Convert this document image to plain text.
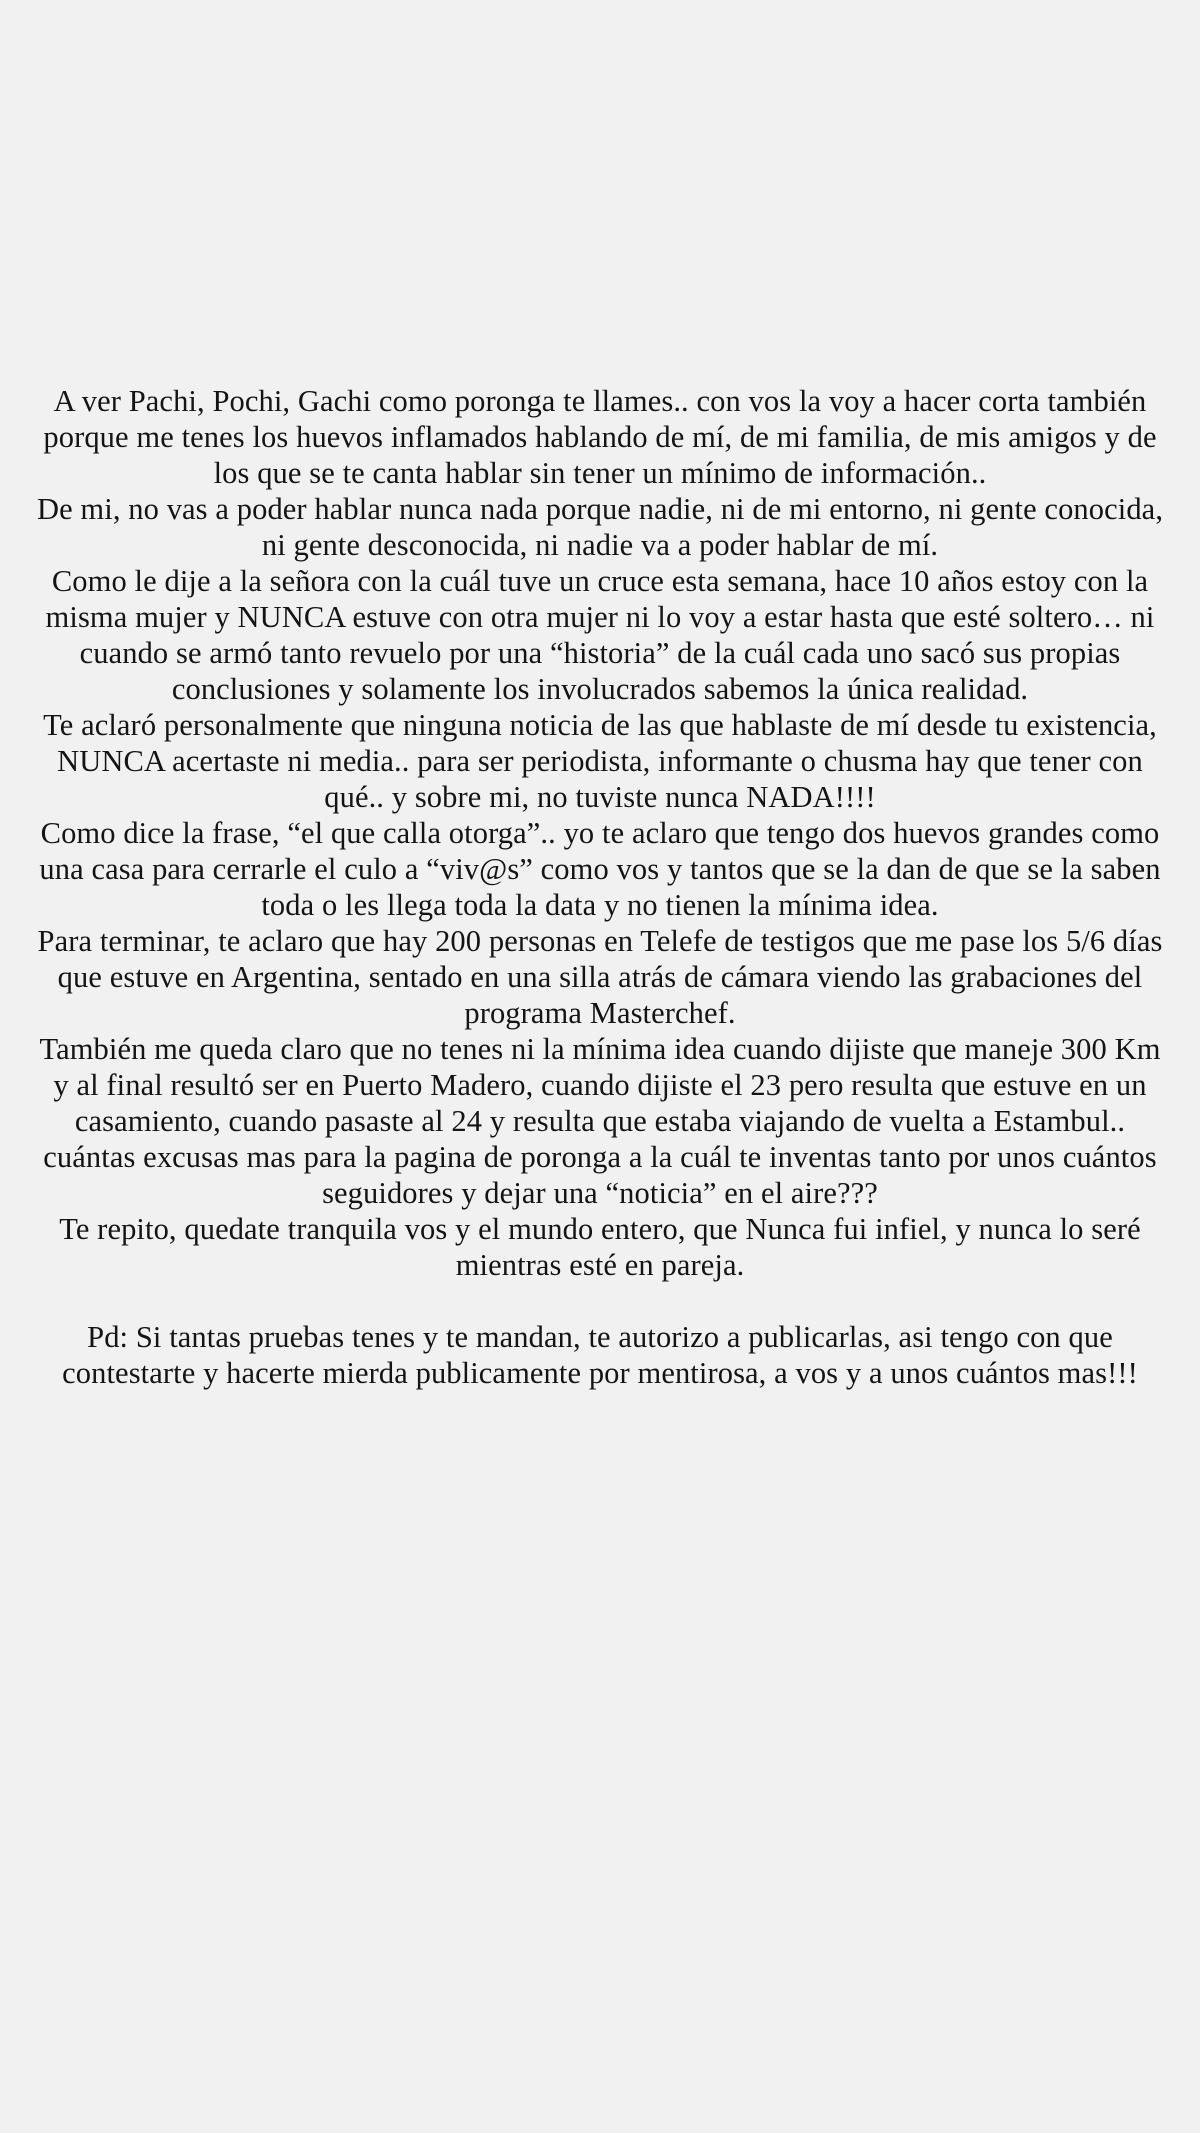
A ver Pachi, Pochi, Gachi como poronga te llames.. con vos la voy a hacer corta también porque me tenes los huevos inflamados hablando de mí, de mi familia, de mis amigos y de los que se te canta hablar sin tener un mínimo de información..

De mi, no vas a poder hablar nunca nada porque nadie, ni de mi entorno, ni gente conocida, ni gente desconocida, ni nadie va a poder hablar de mí.

Como le dije a la señora con la cuál tuve un cruce esta semana, hace 10 años estoy con la misma mujer y NUNCA estuve con otra mujer ni lo voy a estar hasta que esté soltero… ni cuando se armó tanto revuelo por una “historia” de la cuál cada uno sacó sus propias conclusiones y solamente los involucrados sabemos la única realidad.

Te aclaró personalmente que ninguna noticia de las que hablaste de mí desde tu existencia, NUNCA acertaste ni media.. para ser periodista, informante o chusma hay que tener con qué.. y sobre mi, no tuviste nunca NADA!!!!

Como dice la frase, “el que calla otorga”.. yo te aclaro que tengo dos huevos grandes como una casa para cerrarle el culo a “viv@s” como vos y tantos que se la dan de que se la saben toda o les llega toda la data y no tienen la mínima idea.

Para terminar, te aclaro que hay 200 personas en Telefe de testigos que me pase los 5/6 días que estuve en Argentina, sentado en una silla atrás de cámara viendo las grabaciones del programa Masterchef.

También me queda claro que no tenes ni la mínima idea cuando dijiste que maneje 300 Km y al final resultó ser en Puerto Madero, cuando dijiste el 23 pero resulta que estuve en un casamiento, cuando pasaste al 24 y resulta que estaba viajando de vuelta a Estambul.. cuántas excusas mas para la pagina de poronga a la cuál te inventas tanto por unos cuántos seguidores y dejar una “noticia” en el aire???

Te repito, quedate tranquila vos y el mundo entero, que Nunca fui infiel, y nunca lo seré mientras esté en pareja.

Pd: Si tantas pruebas tenes y te mandan, te autorizo a publicarlas, asi tengo con que contestarte y hacerte mierda publicamente por mentirosa, a vos y a unos cuántos mas!!!
